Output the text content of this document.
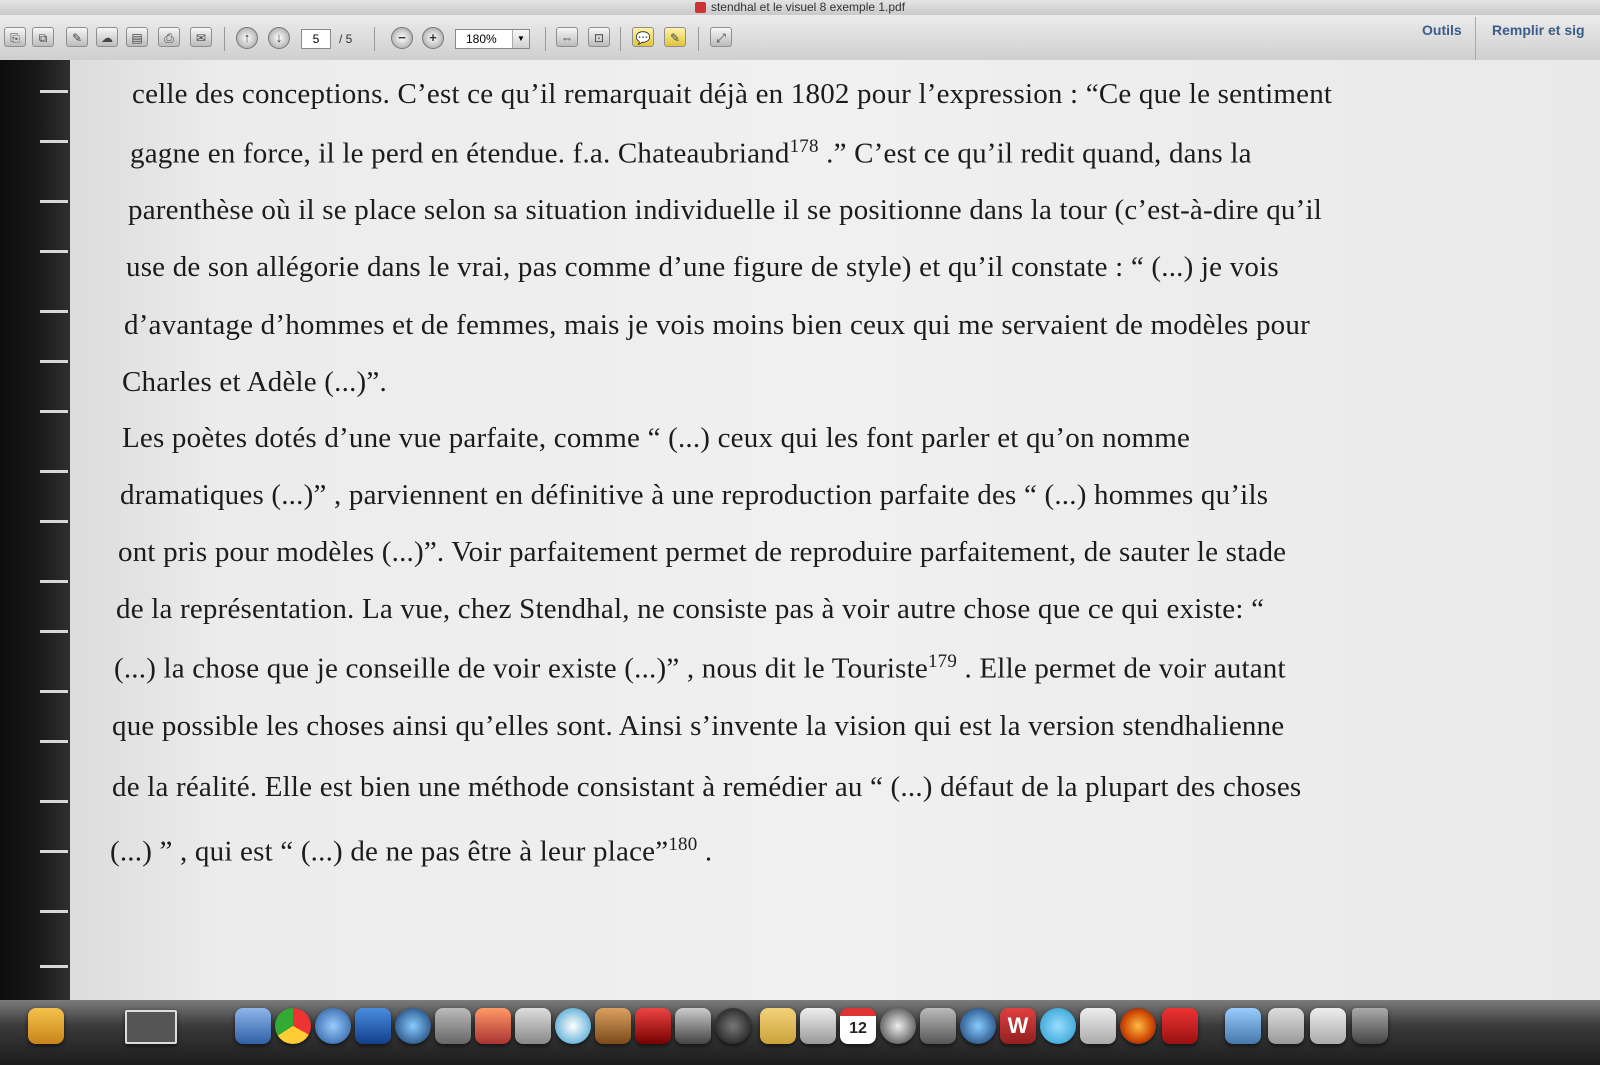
stendhal et le visuel 8 exemple 1.pdf
⎘	⧉	✎	☁	▤	⎙	✉	↑	↓	5	/ 5	−	+	180%	▼	⇔	⊡	💬	✎	⤢	Outils Remplir et sig
celle des conceptions. C’est ce qu’il remarquait déjà en 1802 pour l’expression : “Ce que le sentiment
gagne en force, il le perd en étendue. f.a. Chateaubriand$^{178}$ .” C’est ce qu’il redit quand, dans la
parenthèse où il se place selon sa situation individuelle il se positionne dans la tour (c’est-à-dire qu’il
use de son allégorie dans le vrai, pas comme d’une figure de style) et qu’il constate : “ (...) je vois
d’avantage d’hommes et de femmes, mais je vois moins bien ceux qui me servaient de modèles pour
Charles et Adèle (...)”.
Les poètes dotés d’une vue parfaite, comme “ (...) ceux qui les font parler et qu’on nomme
dramatiques (...)” , parviennent en définitive à une reproduction parfaite des “ (...) hommes qu’ils
ont pris pour modèles (...)”. Voir parfaitement permet de reproduire parfaitement, de sauter le stade
de la représentation. La vue, chez Stendhal, ne consiste pas à voir autre chose que ce qui existe: “
(...) la chose que je conseille de voir existe (...)” , nous dit le Touriste$^{179}$ . Elle permet de voir autant
que possible les choses ainsi qu’elles sont. Ainsi s’invente la vision qui est la version stendhalienne
de la réalité. Elle est bien une méthode consistant à remédier au “ (...) défaut de la plupart des choses
(...) ” , qui est “ (...) de ne pas être à leur place”$^{180}$ .
12	W
